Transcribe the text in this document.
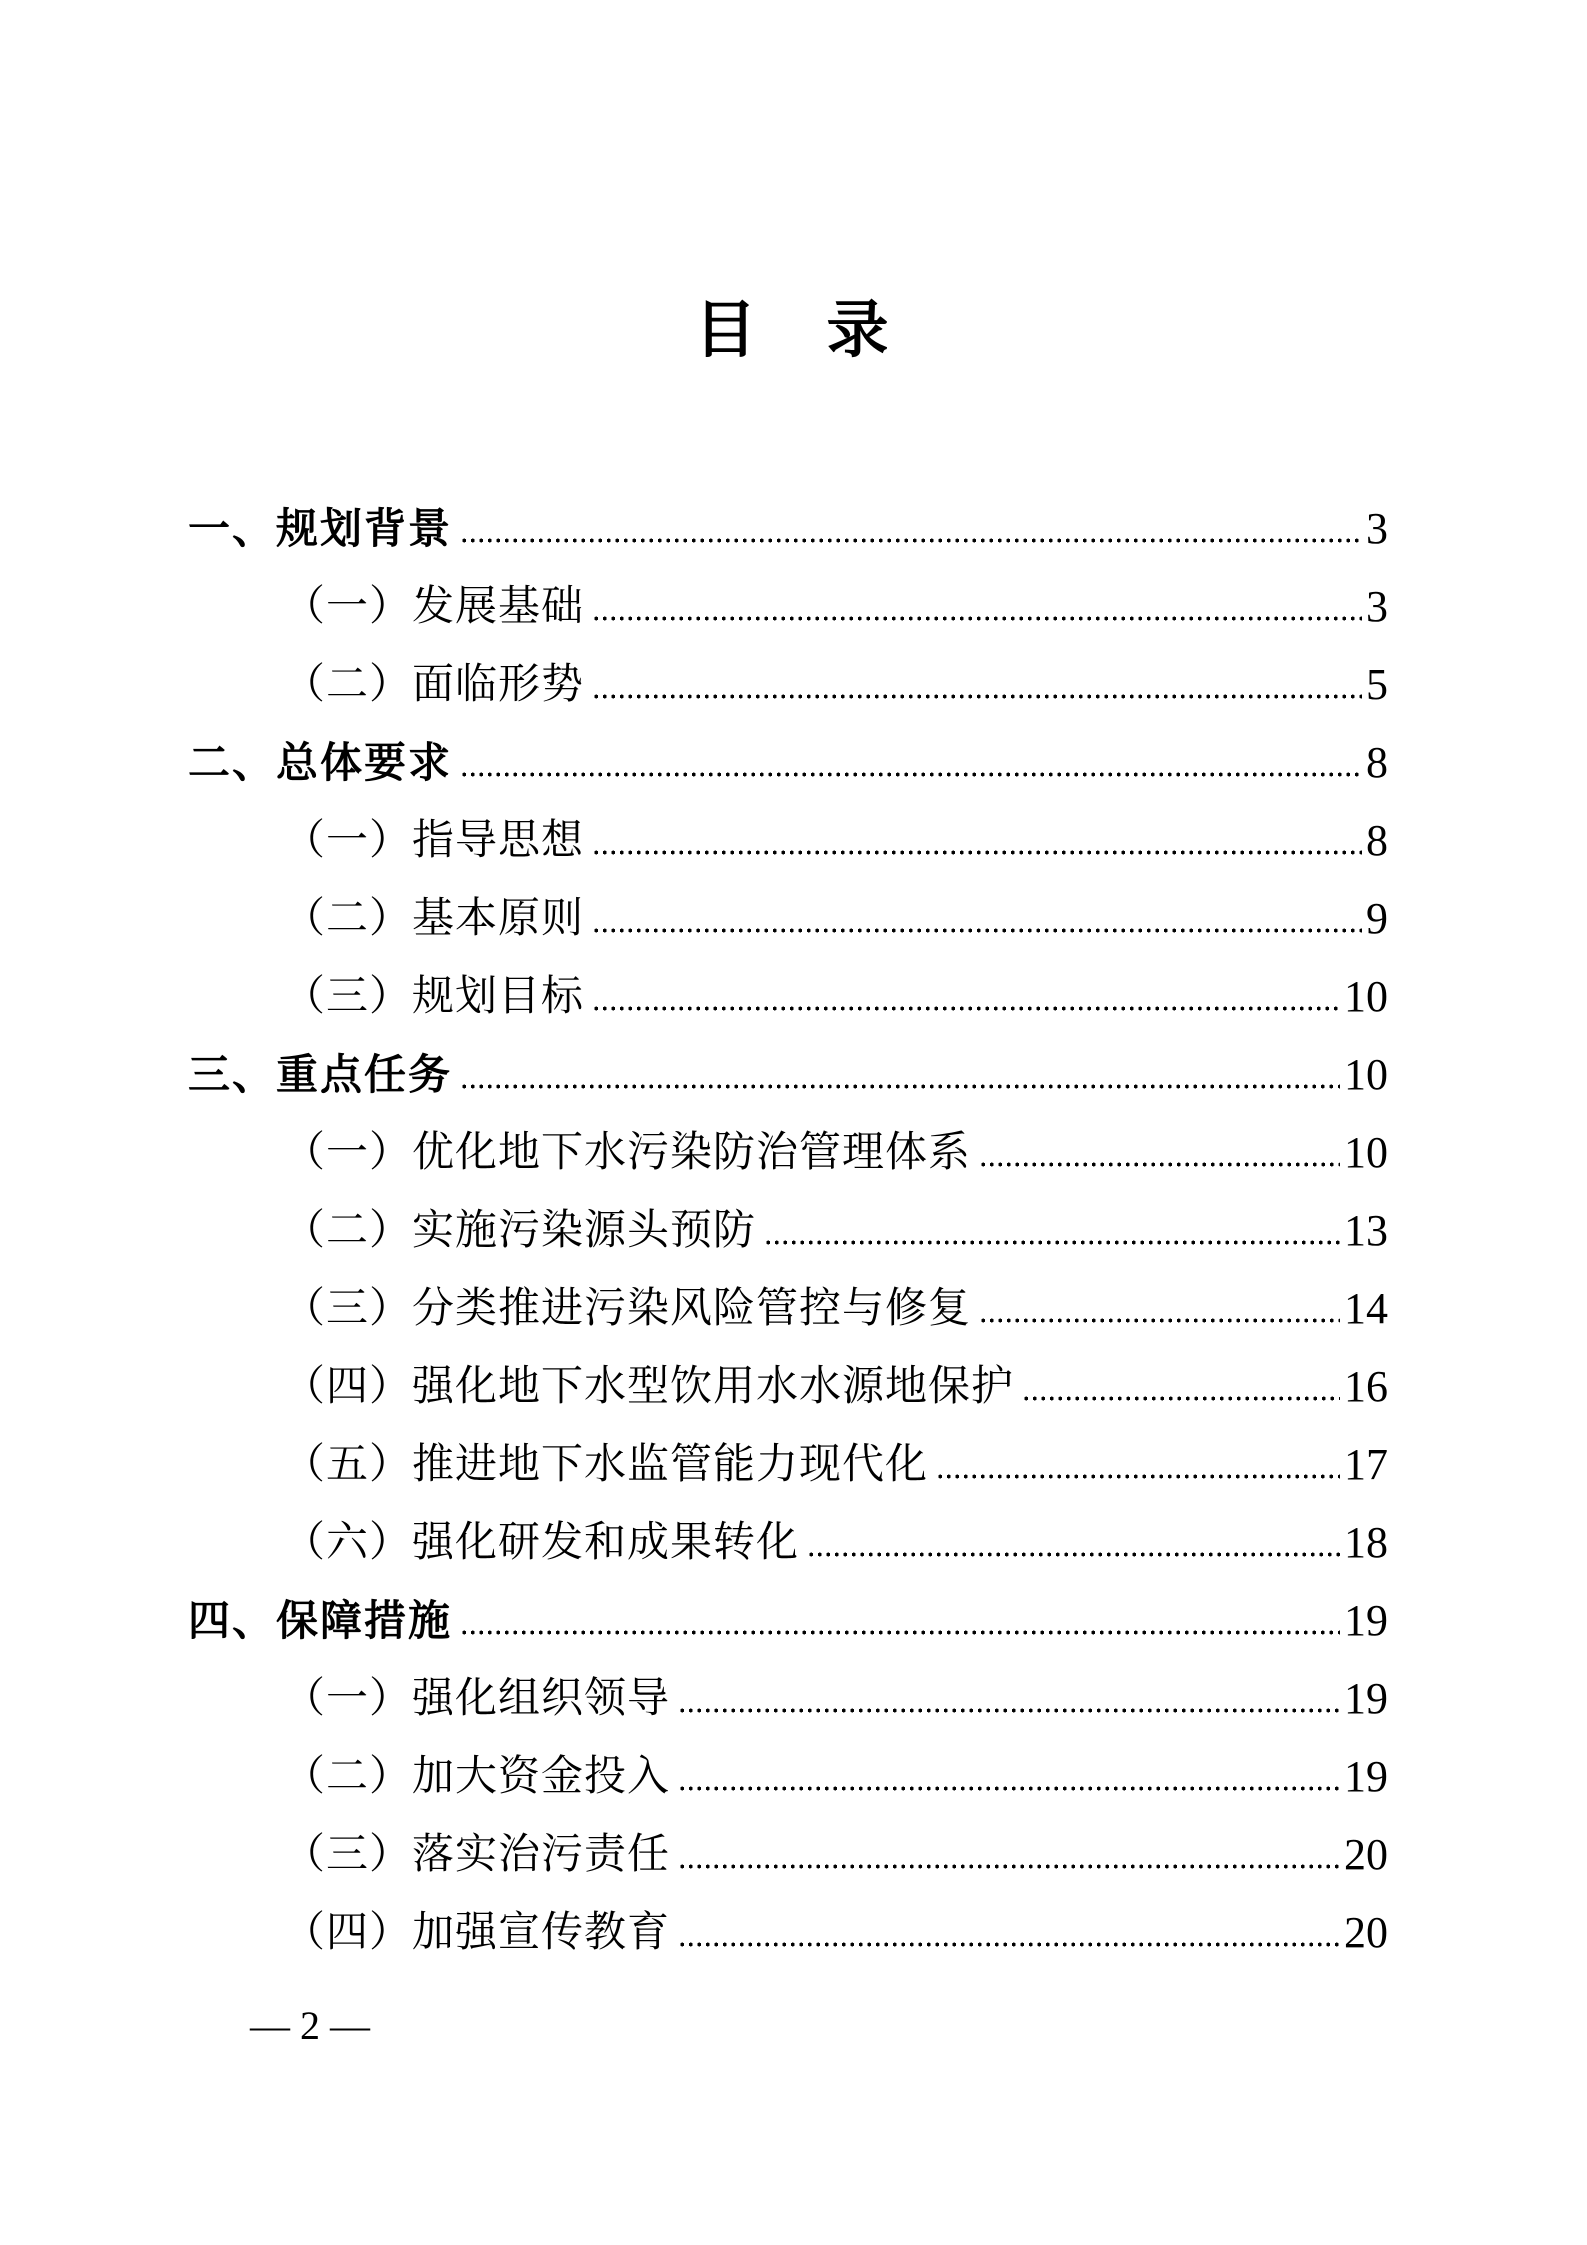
目　录
一、规划背景	3
（一）发展基础	3
（二）面临形势	5
二、总体要求	8
（一）指导思想	8
（二）基本原则	9
（三）规划目标	10
三、重点任务	10
（一）优化地下水污染防治管理体系	10
（二）实施污染源头预防	13
（三）分类推进污染风险管控与修复	14
（四）强化地下水型饮用水水源地保护	16
（五）推进地下水监管能力现代化	17
（六）强化研发和成果转化	18
四、保障措施	19
（一）强化组织领导	19
（二）加大资金投入	19
（三）落实治污责任	20
（四）加强宣传教育	20
— 2 —
